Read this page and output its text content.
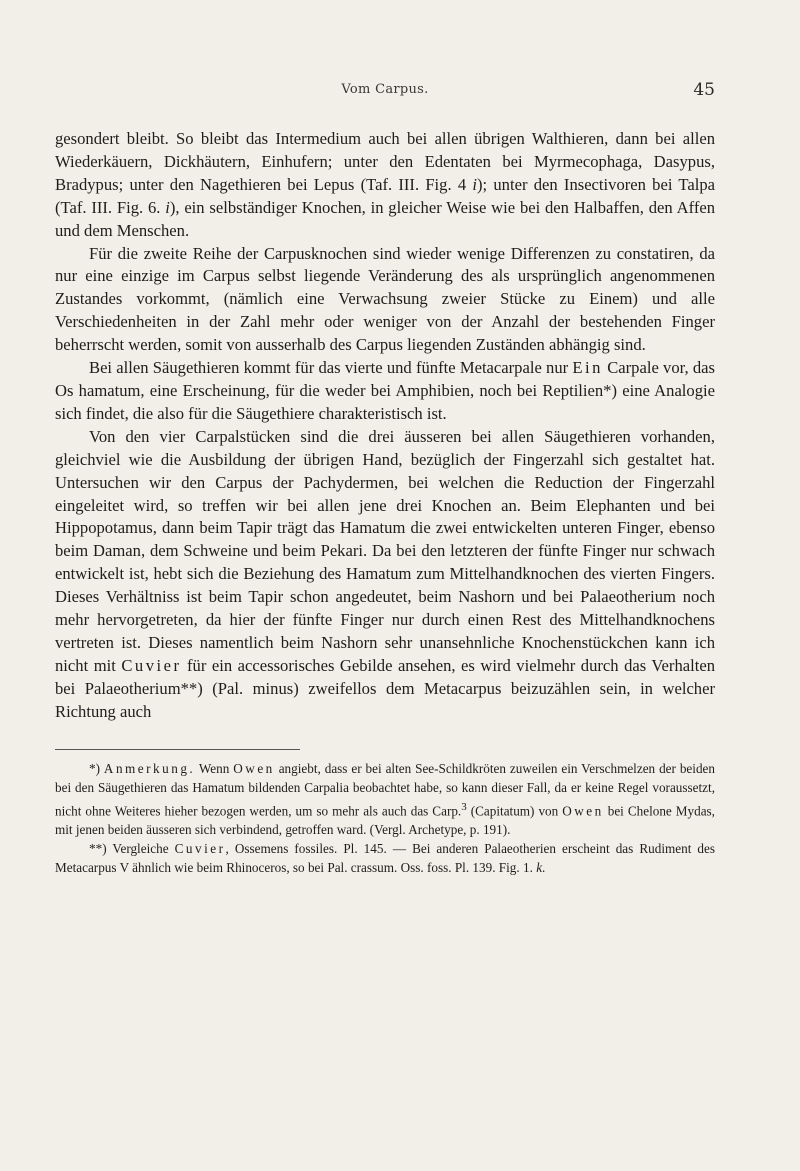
Vom Carpus.	45

gesondert bleibt. So bleibt das Intermedium auch bei allen übrigen Walthieren, dann bei allen Wiederkäuern, Dickhäutern, Einhufern; unter den Edentaten bei Myrmecophaga, Dasypus, Bradypus; unter den Nagethieren bei Lepus (Taf. III. Fig. 4 i); unter den Insectivoren bei Talpa (Taf. III. Fig. 6. i), ein selbständiger Knochen, in gleicher Weise wie bei den Halbaffen, den Affen und dem Menschen.

Für die zweite Reihe der Carpusknochen sind wieder wenige Differenzen zu constatiren, da nur eine einzige im Carpus selbst liegende Veränderung des als ursprünglich angenommenen Zustandes vorkommt, (nämlich eine Verwachsung zweier Stücke zu Einem) und alle Verschiedenheiten in der Zahl mehr oder weniger von der Anzahl der bestehenden Finger beherrscht werden, somit von ausserhalb des Carpus liegenden Zuständen abhängig sind.

Bei allen Säugethieren kommt für das vierte und fünfte Metacarpale nur Ein Carpale vor, das Os hamatum, eine Erscheinung, für die weder bei Amphibien, noch bei Reptilien*) eine Analogie sich findet, die also für die Säugethiere charakteristisch ist.

Von den vier Carpalstücken sind die drei äusseren bei allen Säugethieren vorhanden, gleichviel wie die Ausbildung der übrigen Hand, bezüglich der Fingerzahl sich gestaltet hat. Untersuchen wir den Carpus der Pachydermen, bei welchen die Reduction der Fingerzahl eingeleitet wird, so treffen wir bei allen jene drei Knochen an. Beim Elephanten und bei Hippopotamus, dann beim Tapir trägt das Hamatum die zwei entwickelten unteren Finger, ebenso beim Daman, dem Schweine und beim Pekari. Da bei den letzteren der fünfte Finger nur schwach entwickelt ist, hebt sich die Beziehung des Hamatum zum Mittelhandknochen des vierten Fingers. Dieses Verhältniss ist beim Tapir schon angedeutet, beim Nashorn und bei Palaeotherium noch mehr hervorgetreten, da hier der fünfte Finger nur durch einen Rest des Mittelhandknochens vertreten ist. Dieses namentlich beim Nashorn sehr unansehnliche Knochenstückchen kann ich nicht mit Cuvier für ein accessorisches Gebilde ansehen, es wird vielmehr durch das Verhalten bei Palaeotherium**) (Pal. minus) zweifellos dem Metacarpus beizuzählen sein, in welcher Richtung auch

*) Anmerkung. Wenn Owen angiebt, dass er bei alten See-Schildkröten zuweilen ein Verschmelzen der beiden bei den Säugethieren das Hamatum bildenden Carpalia beobachtet habe, so kann dieser Fall, da er keine Regel voraussetzt, nicht ohne Weiteres hieher bezogen werden, um so mehr als auch das Carp.$^3$ (Capitatum) von Owen bei Chelone Mydas, mit jenen beiden äusseren sich verbindend, getroffen ward. (Vergl. Archetype, p. 191).

**) Vergleiche Cuvier, Ossemens fossiles. Pl. 145. — Bei anderen Palaeotherien erscheint das Rudiment des Metacarpus V ähnlich wie beim Rhinoceros, so bei Pal. crassum. Oss. foss. Pl. 139. Fig. 1. k.
